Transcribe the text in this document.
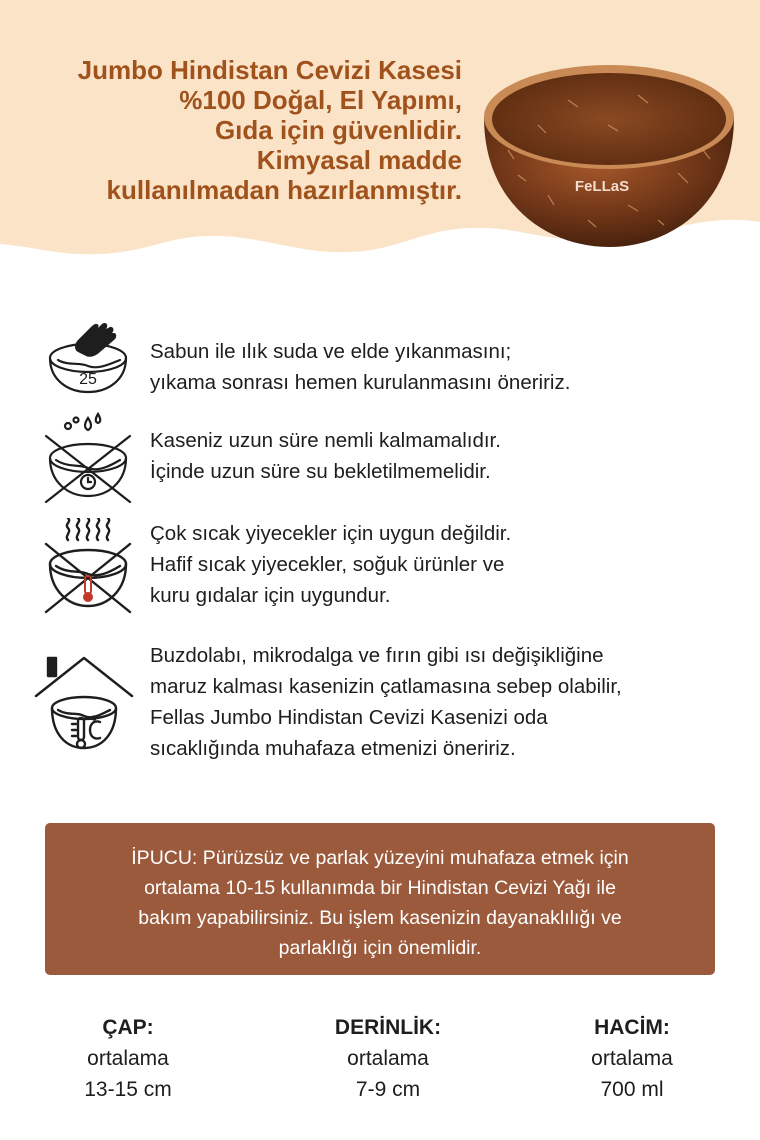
Jumbo Hindistan Cevizi Kasesi
%100 Doğal, El Yapımı,
Gıda için güvenlidir.
Kimyasal madde
kullanılmadan hazırlanmıştır.	FeLLaS
25
Sabun ile ılık suda ve elde yıkanmasını;
yıkama sonrası hemen kurulanmasını öneririz.
Kaseniz uzun süre nemli kalmamalıdır.
İçinde uzun süre su bekletilmemelidir.
Çok sıcak yiyecekler için uygun değildir.
Hafif sıcak yiyecekler, soğuk ürünler ve
kuru gıdalar için uygundur.
Buzdolabı, mikrodalga ve fırın gibi ısı değişikliğine
maruz kalması kasenizin çatlamasına sebep olabilir,
Fellas Jumbo Hindistan Cevizi Kasenizi oda
sıcaklığında muhafaza etmenizi öneririz.
İPUCU: Pürüzsüz ve parlak yüzeyini muhafaza etmek için
ortalama 10-15 kullanımda bir Hindistan Cevizi Yağı ile
bakım yapabilirsiniz. Bu işlem kasenizin dayanaklılığı ve
parlaklığı için önemlidir.
ÇAP:
ortalama
13-15 cm
DERİNLİK:
ortalama
7-9 cm
HACİM:
ortalama
700 ml
